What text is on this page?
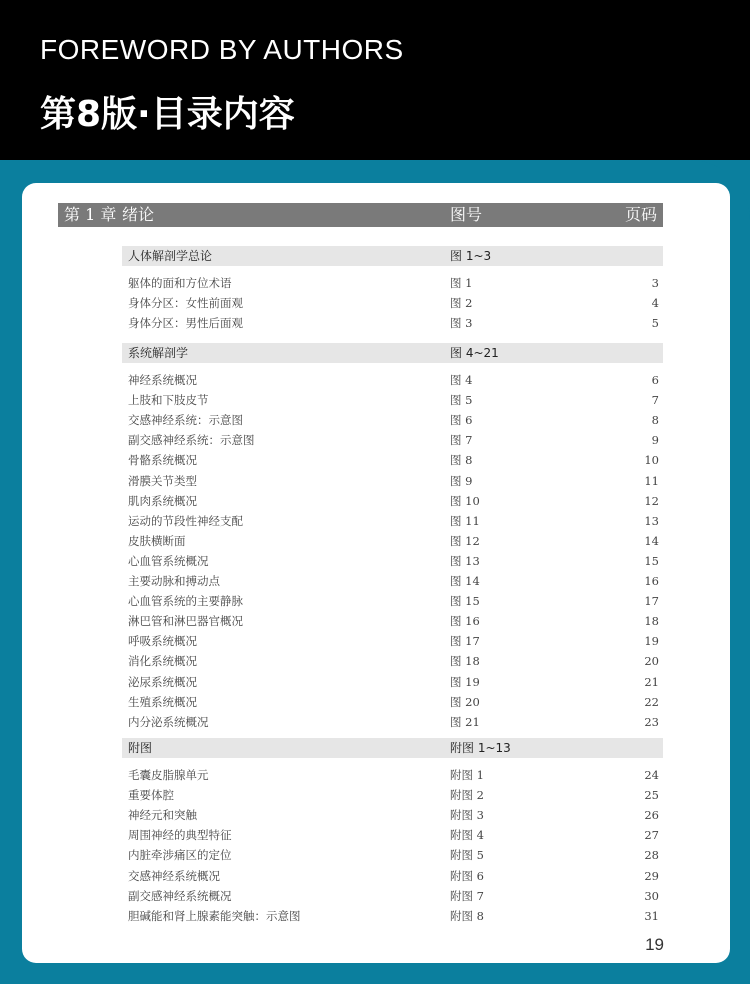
FOREWORD BY AUTHORS
第8版·目录内容
第 1 章 绪论	图号	页码
19
人体解剖学总论	图 1~3
躯体的面和方位术语	图 1	3
身体分区：女性前面观	图 2	4
身体分区：男性后面观	图 3	5
系统解剖学	图 4~21
神经系统概况	图 4	6
上肢和下肢皮节	图 5	7
交感神经系统：示意图	图 6	8
副交感神经系统：示意图	图 7	9
骨骼系统概况	图 8	10
滑膜关节类型	图 9	11
肌肉系统概况	图 10	12
运动的节段性神经支配	图 11	13
皮肤横断面	图 12	14
心血管系统概况	图 13	15
主要动脉和搏动点	图 14	16
心血管系统的主要静脉	图 15	17
淋巴管和淋巴器官概况	图 16	18
呼吸系统概况	图 17	19
消化系统概况	图 18	20
泌尿系统概况	图 19	21
生殖系统概况	图 20	22
内分泌系统概况	图 21	23
附图	附图 1~13
毛囊皮脂腺单元	附图 1	24
重要体腔	附图 2	25
神经元和突触	附图 3	26
周围神经的典型特征	附图 4	27
内脏牵涉痛区的定位	附图 5	28
交感神经系统概况	附图 6	29
副交感神经系统概况	附图 7	30
胆碱能和肾上腺素能突触：示意图	附图 8	31
